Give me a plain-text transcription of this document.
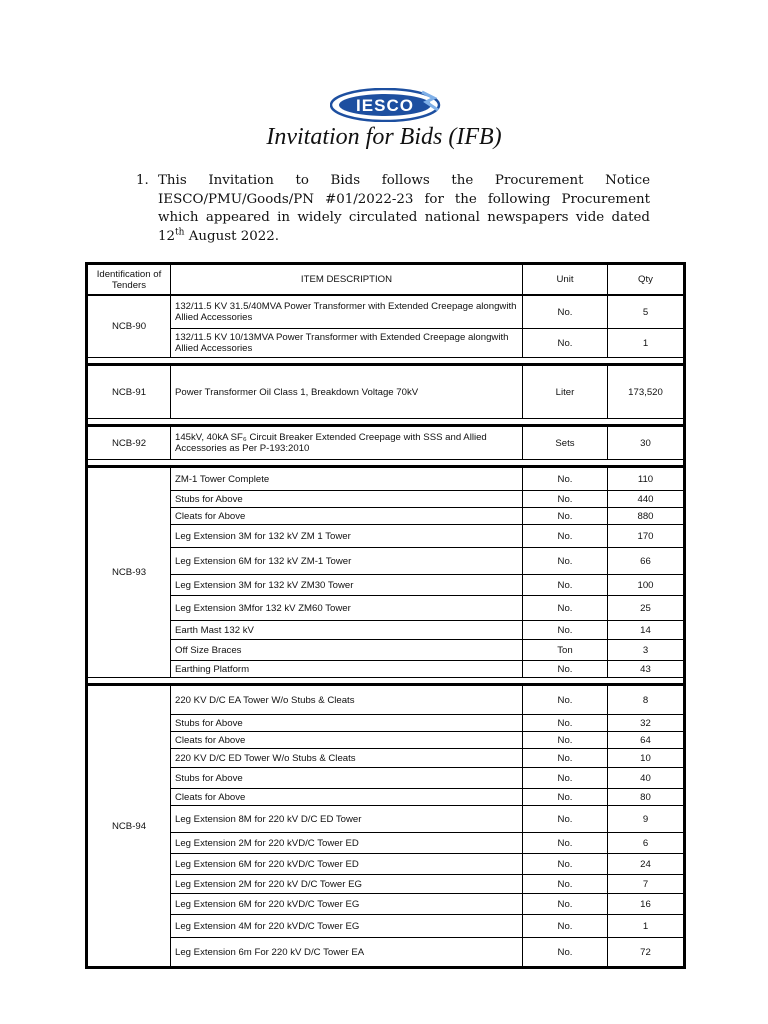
IESCO
Invitation for Bids (IFB)
1. This Invitation to Bids follows the Procurement Notice IESCO/PMU/Goods/PN #01/2022-23 for the following Procurement which appeared in widely circulated national newspapers vide dated 12th August 2022.
Identification of Tenders	ITEM DESCRIPTION	Unit	Qty
NCB-90	132/11.5 KV 31.5/40MVA Power Transformer with Extended Creepage alongwith Allied Accessories	No.	5
	132/11.5 KV 10/13MVA Power Transformer with Extended Creepage alongwith Allied Accessories	No.	1

NCB-91	Power Transformer Oil Class 1, Breakdown Voltage 70kV	Liter	173,520

NCB-92	145kV, 40kA SF₆ Circuit Breaker Extended Creepage with SSS and Allied Accessories as Per P-193:2010	Sets	30

NCB-93	ZM-1 Tower Complete	No.	110
	Stubs for Above	No.	440
	Cleats for Above	No.	880
	Leg Extension 3M for 132 kV ZM 1 Tower	No.	170
	Leg Extension 6M for 132 kV ZM-1 Tower	No.	66
	Leg Extension 3M for 132 kV ZM30 Tower	No.	100
	Leg Extension 3Mfor 132 kV ZM60 Tower	No.	25
	Earth Mast 132 kV	No.	14
	Off Size Braces	Ton	3
	Earthing Platform	No.	43

NCB-94	220 KV D/C EA Tower W/o Stubs & Cleats	No.	8
	Stubs for Above	No.	32
	Cleats for Above	No.	64
	220 KV D/C ED Tower W/o Stubs & Cleats	No.	10
	Stubs for Above	No.	40
	Cleats for Above	No.	80
	Leg Extension 8M for 220 kV D/C ED Tower	No.	9
	Leg Extension 2M for 220 kVD/C Tower ED	No.	6
	Leg Extension 6M for 220 kVD/C Tower ED	No.	24
	Leg Extension 2M for 220 kV D/C Tower EG	No.	7
	Leg Extension 6M for 220 kVD/C Tower EG	No.	16
	Leg Extension 4M for 220 kVD/C Tower EG	No.	1
	Leg Extension 6m For 220 kV D/C Tower EA	No.	72
